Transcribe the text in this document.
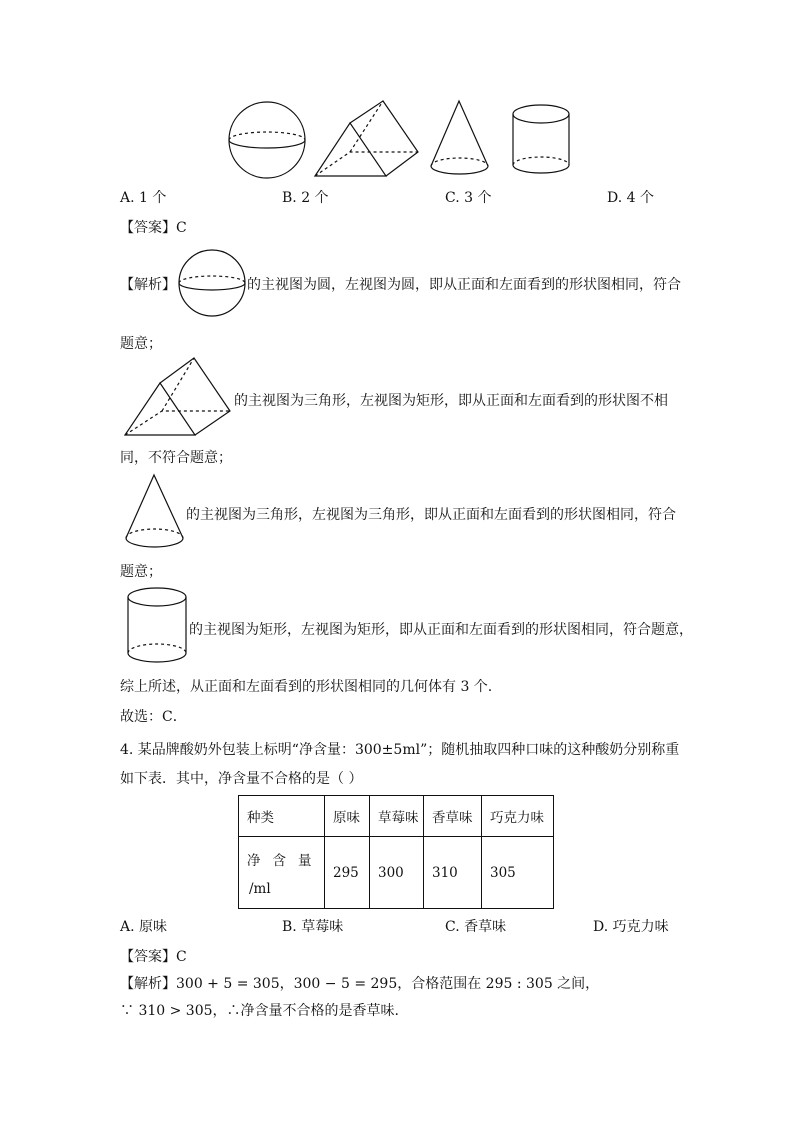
A. 1 个	B. 2 个	C. 3 个	D. 4 个
【答案】C
【解析】	的主视图为圆，左视图为圆，即从正面和左面看到的形状图相同，符合
题意；
的主视图为三角形，左视图为矩形，即从正面和左面看到的形状图不相
同，不符合题意；
的主视图为三角形，左视图为三角形，即从正面和左面看到的形状图相同，符合
题意；
的主视图为矩形，左视图为矩形，即从正面和左面看到的形状图相同，符合题意，
综上所述，从正面和左面看到的形状图相同的几何体有 3 个.
故选：C．
4. 某品牌酸奶外包装上标明“净含量：300±5ml”；随机抽取四种口味的这种酸奶分别称重
如下表．其中，净含量不合格的是（ ）
种类	原味	草莓味	香草味	巧克力味

净含量
/ml	295	300	310	305
A. 原味	B. 草莓味	C. 香草味	D. 巧克力味
【答案】C
【解析】300 + 5 = 305，300 − 5 = 295，合格范围在 295 : 305 之间，
∵ 310 > 305，∴净含量不合格的是香草味.
